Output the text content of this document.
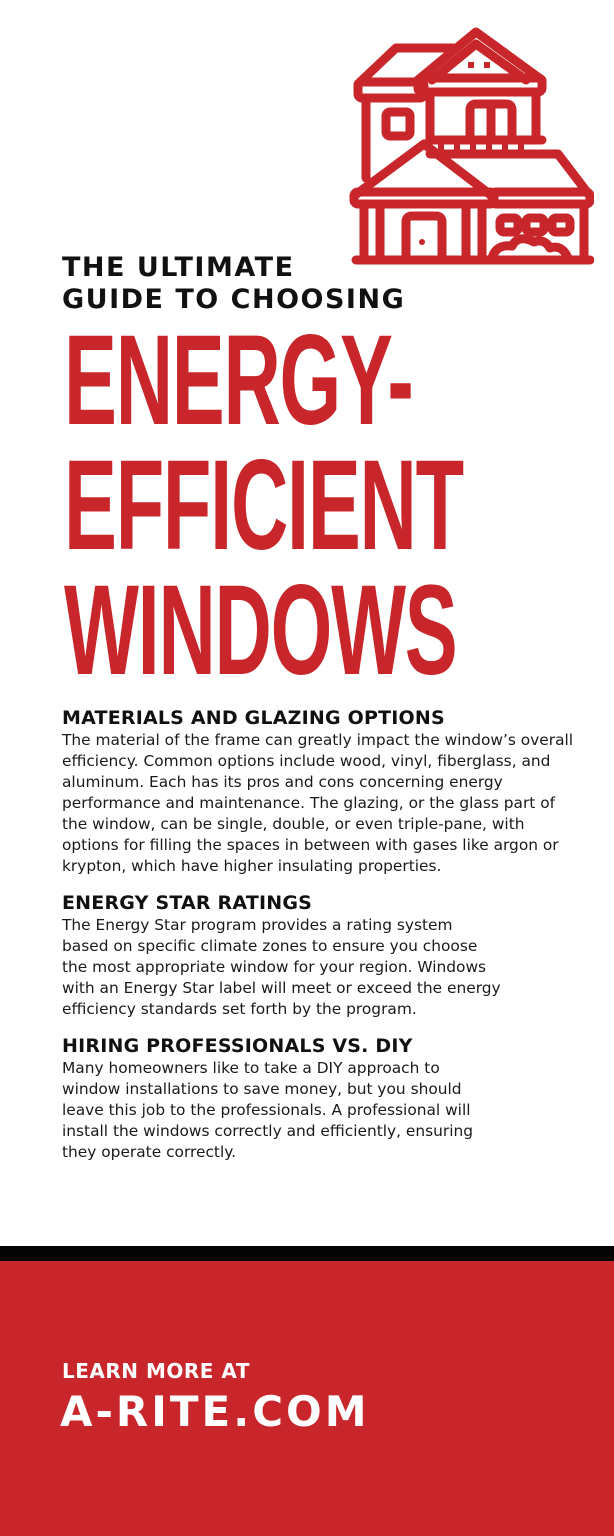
THE ULTIMATE
GUIDE TO CHOOSING
ENERGY-
EFFICIENT
WINDOWS
MATERIALS AND GLAZING OPTIONS

The material of the frame can greatly impact the window’s overall efficiency. Common options include wood, vinyl, fiberglass, and aluminum. Each has its pros and cons concerning energy performance and maintenance. The glazing, or the glass part of the window, can be single, double, or even triple-pane, with options for filling the spaces in between with gases like argon or krypton, which have higher insulating properties.

ENERGY STAR RATINGS

The Energy Star program provides a rating system based on specific climate zones to ensure you choose the most appropriate window for your region. Windows with an Energy Star label will meet or exceed the energy efficiency standards set forth by the program.

HIRING PROFESSIONALS VS. DIY

Many homeowners like to take a DIY approach to window installations to save money, but you should leave this job to the professionals. A professional will install the windows correctly and efficiently, ensuring they operate correctly.

LEARN MORE AT
A-RITE.COM
